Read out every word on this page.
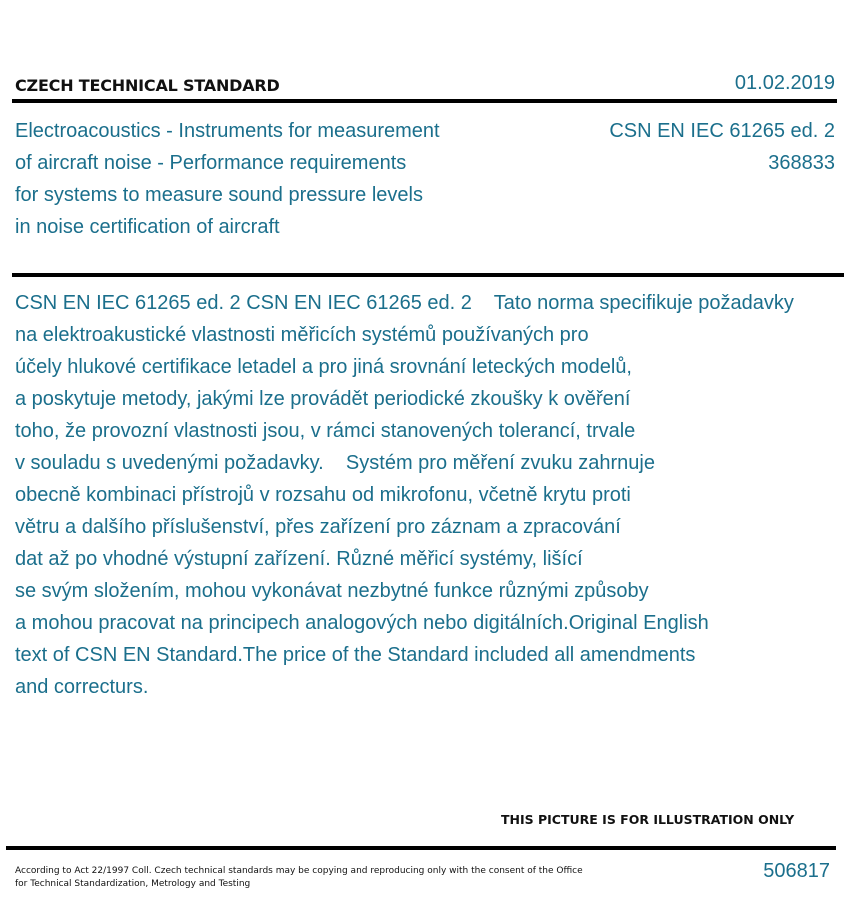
CZECH TECHNICAL STANDARD	01.02.2019
Electroacoustics - Instruments for measurement
of aircraft noise - Performance requirements
for systems to measure sound pressure levels
in noise certification of aircraft
CSN EN IEC 61265 ed. 2
368833
CSN EN IEC 61265 ed. 2 CSN EN IEC 61265 ed. 2    Tato norma specifikuje požadavky
na elektroakustické vlastnosti měřicích systémů používaných pro
účely hlukové certifikace letadel a pro jiná srovnání leteckých modelů,
a poskytuje metody, jakými lze provádět periodické zkoušky k ověření
toho, že provozní vlastnosti jsou, v rámci stanovených tolerancí, trvale
v souladu s uvedenými požadavky.    Systém pro měření zvuku zahrnuje
obecně kombinaci přístrojů v rozsahu od mikrofonu, včetně krytu proti
větru a dalšího příslušenství, přes zařízení pro záznam a zpracování
dat až po vhodné výstupní zařízení. Různé měřicí systémy, lišící
se svým složením, mohou vykonávat nezbytné funkce různými způsoby
a mohou pracovat na principech analogových nebo digitálních.Original English
text of CSN EN Standard.The price of the Standard included all amendments
and correcturs.
THIS PICTURE IS FOR ILLUSTRATION ONLY
According to Act 22/1997 Coll. Czech technical standards may be copying and reproducing only with the consent of the Office
for Technical Standardization, Metrology and Testing
506817
